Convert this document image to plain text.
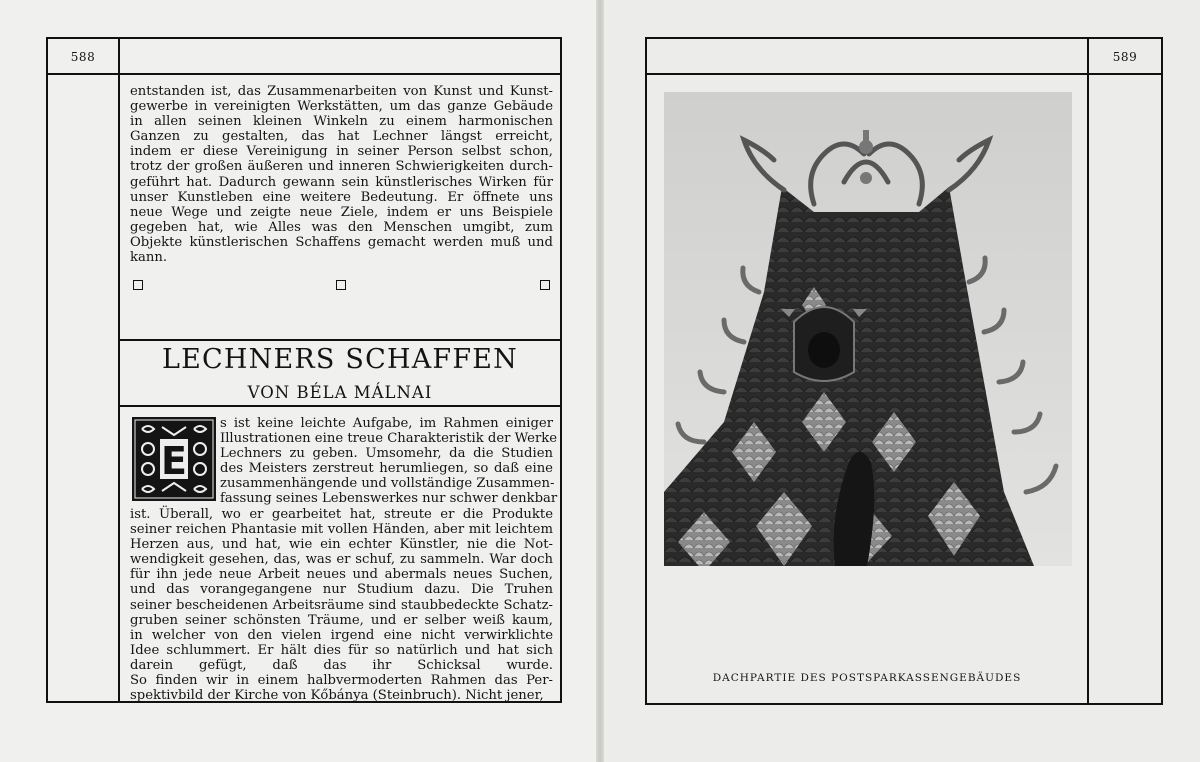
588
entstanden ist, das Zusammenarbeiten von Kunst und Kunst-
gewerbe in vereinigten Werkstätten, um das ganze Gebäude
in allen seinen kleinen Winkeln zu einem harmonischen
Ganzen zu gestalten, das hat Lechner längst erreicht,
indem er diese Vereinigung in seiner Person selbst schon,
trotz der großen äußeren und inneren Schwierigkeiten durch-
geführt hat. Dadurch gewann sein künstlerisches Wirken für
unser Kunstleben eine weitere Bedeutung. Er öffnete uns
neue Wege und zeigte neue Ziele, indem er uns Beispiele
gegeben hat, wie Alles was den Menschen umgibt, zum
Objekte künstlerischen Schaffens gemacht werden muß und
kann.
LECHNERS SCHAFFEN
VON BÉLA MÁLNAI
E
s ist keine leichte Aufgabe, im Rahmen einiger
Illustrationen eine treue Charakteristik der Werke
Lechners zu geben. Umsomehr, da die Studien
des Meisters zerstreut herumliegen, so daß eine
zusammenhängende und vollständige Zusammen-
fassung seines Lebenswerkes nur schwer denkbar
ist. Überall, wo er gearbeitet hat, streute er die Produkte
seiner reichen Phantasie mit vollen Händen, aber mit leichtem
Herzen aus, und hat, wie ein echter Künstler, nie die Not-
wendigkeit gesehen, das, was er schuf, zu sammeln. War doch
für ihn jede neue Arbeit neues und abermals neues Suchen,
und das vorangegangene nur Studium dazu. Die Truhen
seiner bescheidenen Arbeitsräume sind staubbedeckte Schatz-
gruben seiner schönsten Träume, und er selber weiß kaum,
in welcher von den vielen irgend eine nicht verwirklichte
Idee schlummert. Er hält dies für so natürlich und hat sich
darein gefügt, daß das ihr Schicksal wurde.
So finden wir in einem halbvermoderten Rahmen das Per-
spektivbild der Kirche von Kőbánya (Steinbruch). Nicht jener,
589
DACHPARTIE DES POSTSPARKASSENGEBÄUDES
